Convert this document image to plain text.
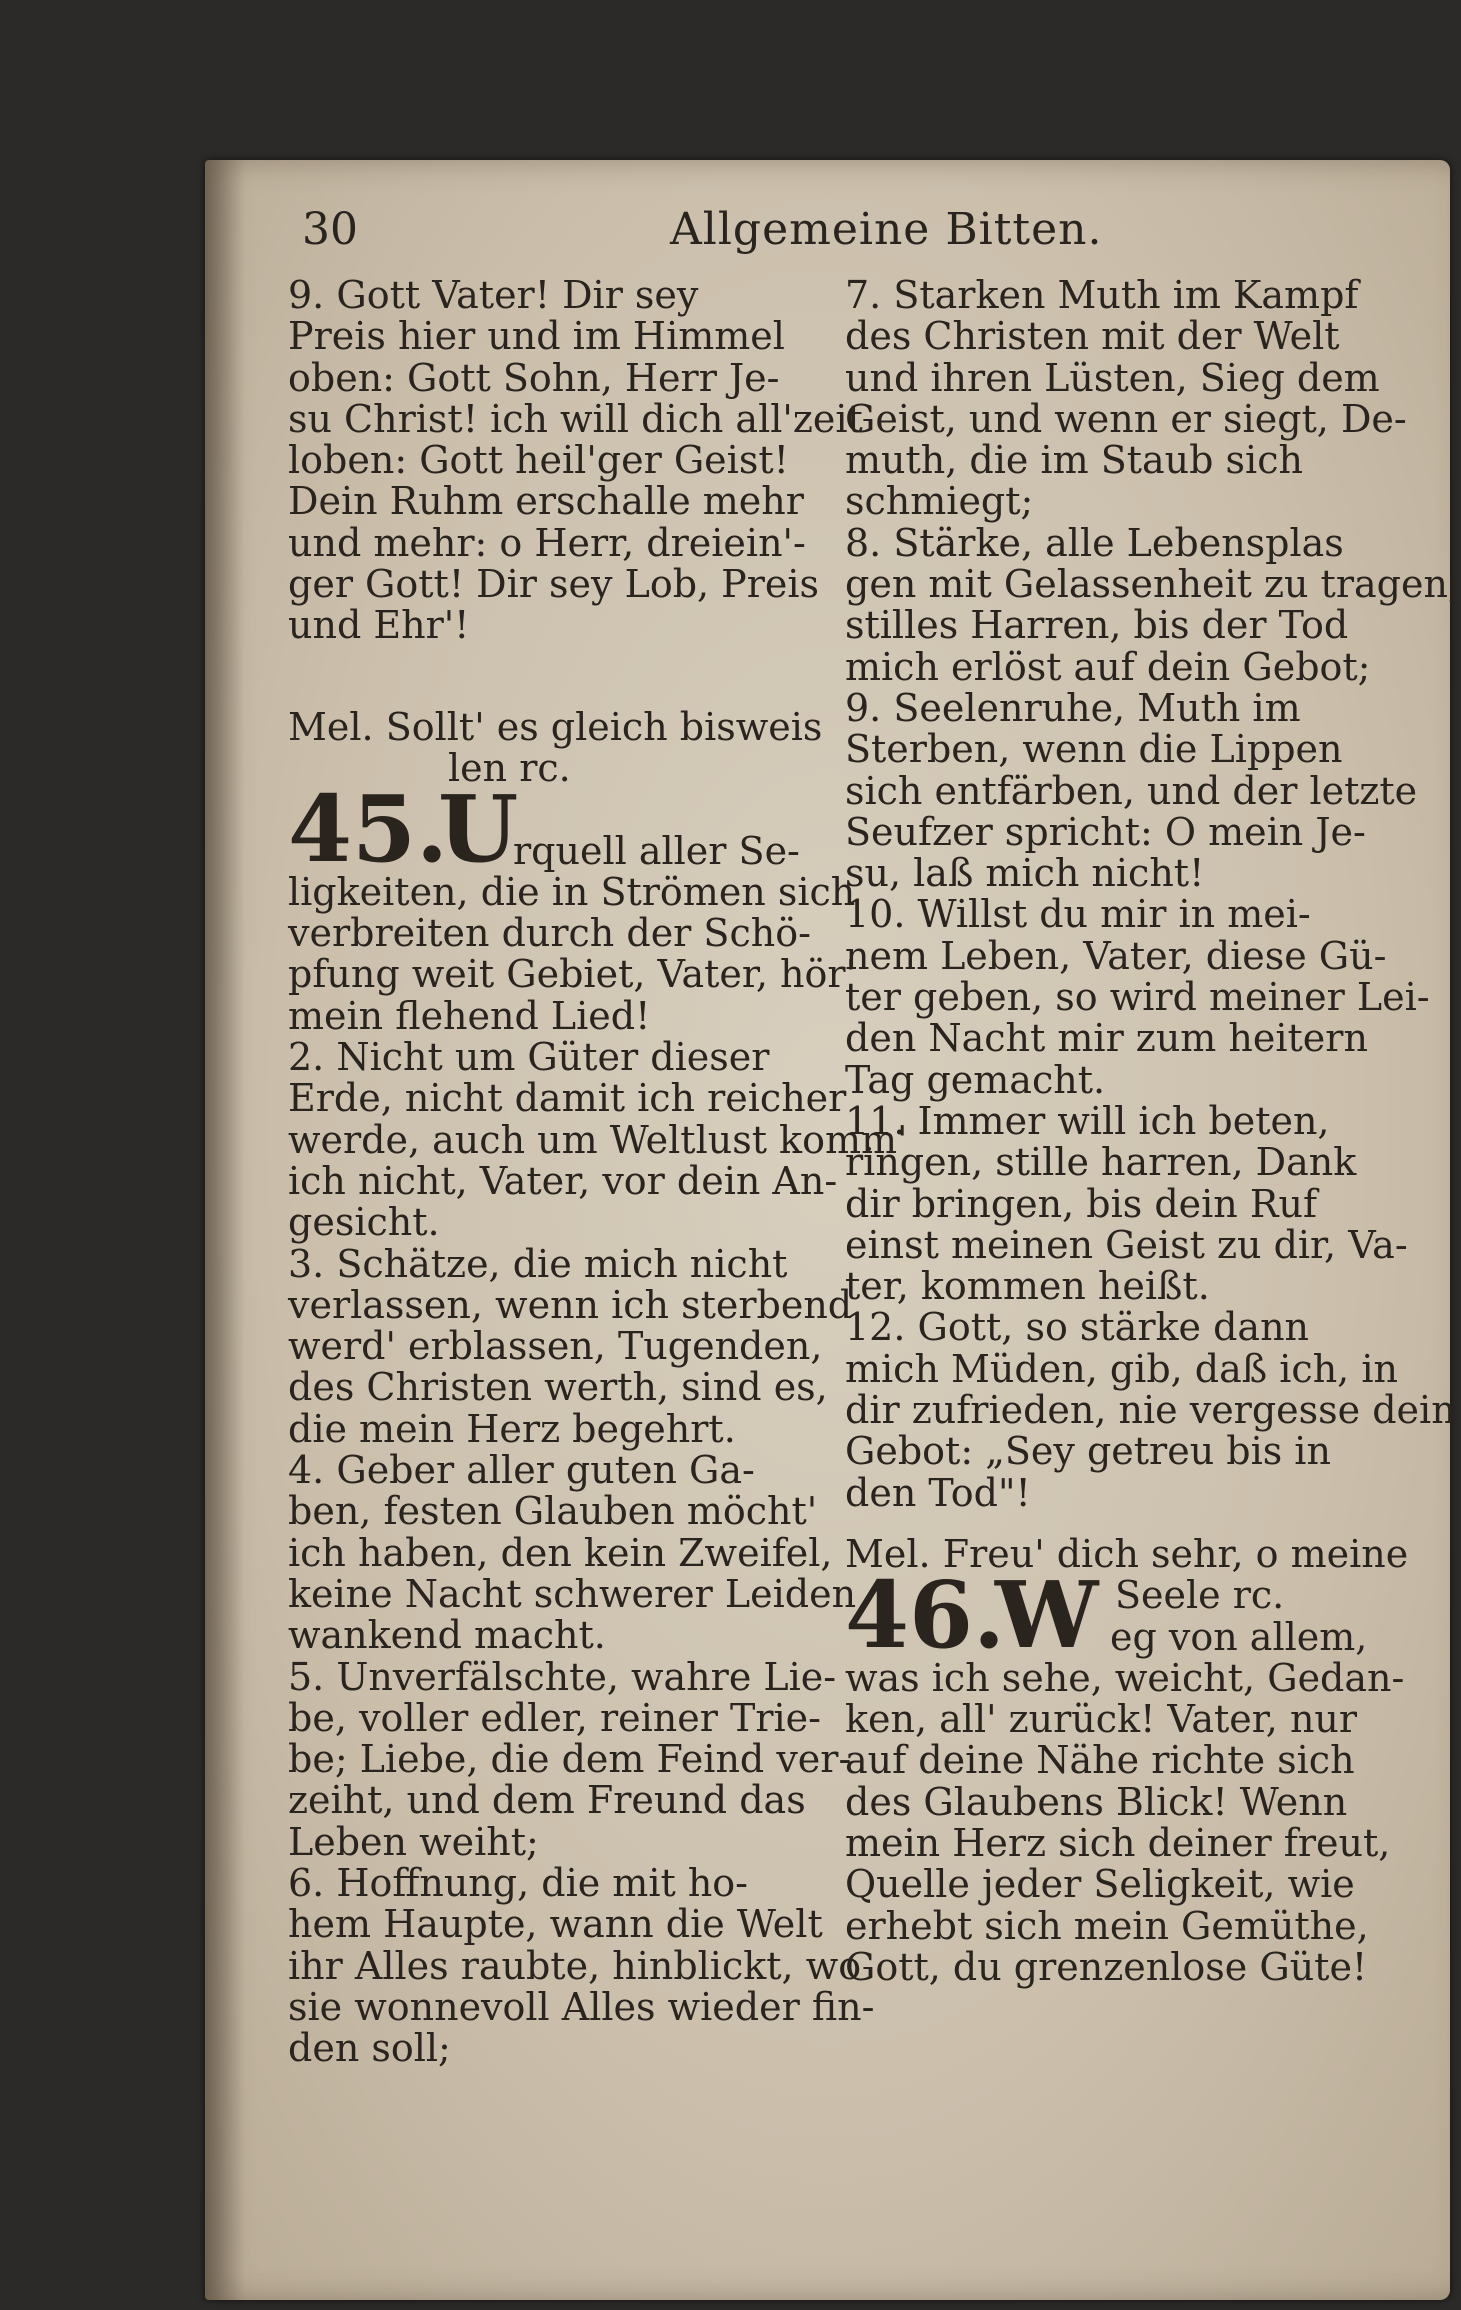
30	Allgemeine Bitten.
9. Gott Vater! Dir sey
Preis hier und im Himmel
oben: Gott Sohn, Herr Je-
su Christ! ich will dich all'zeit
loben: Gott heil'ger Geist!
Dein Ruhm erschalle mehr
und mehr: o Herr, dreiein'-
ger Gott! Dir sey Lob, Preis
und Ehr'!
Mel. Sollt' es gleich bisweis
len rc.
45.
U
rquell aller Se-
ligkeiten, die in Strömen sich
verbreiten durch der Schö-
pfung weit Gebiet, Vater, hör'
mein flehend Lied!
2. Nicht um Güter dieser
Erde, nicht damit ich reicher
werde, auch um Weltlust komm'
ich nicht, Vater, vor dein An-
gesicht.
3. Schätze, die mich nicht
verlassen, wenn ich sterbend
werd' erblassen, Tugenden,
des Christen werth, sind es,
die mein Herz begehrt.
4. Geber aller guten Ga-
ben, festen Glauben möcht'
ich haben, den kein Zweifel,
keine Nacht schwerer Leiden
wankend macht.
5. Unverfälschte, wahre Lie-
be, voller edler, reiner Trie-
be; Liebe, die dem Feind ver-
zeiht, und dem Freund das
Leben weiht;
6. Hoffnung, die mit ho-
hem Haupte, wann die Welt
ihr Alles raubte, hinblickt, wo
sie wonnevoll Alles wieder fin-
den soll;
7. Starken Muth im Kampf
des Christen mit der Welt
und ihren Lüsten, Sieg dem
Geist, und wenn er siegt, De-
muth, die im Staub sich
schmiegt;
8. Stärke, alle Lebensplas
gen mit Gelassenheit zu tragen;
stilles Harren, bis der Tod
mich erlöst auf dein Gebot;
9. Seelenruhe, Muth im
Sterben, wenn die Lippen
sich entfärben, und der letzte
Seufzer spricht: O mein Je-
su, laß mich nicht!
10. Willst du mir in mei-
nem Leben, Vater, diese Gü-
ter geben, so wird meiner Lei-
den Nacht mir zum heitern
Tag gemacht.
11. Immer will ich beten,
ringen, stille harren, Dank
dir bringen, bis dein Ruf
einst meinen Geist zu dir, Va-
ter, kommen heißt.
12. Gott, so stärke dann
mich Müden, gib, daß ich, in
dir zufrieden, nie vergesse dein
Gebot: „Sey getreu bis in
den Tod"!
Mel. Freu' dich sehr, o meine
Seele rc.
46.
W eg von allem,
was ich sehe, weicht, Gedan-
ken, all' zurück! Vater, nur
auf deine Nähe richte sich
des Glaubens Blick! Wenn
mein Herz sich deiner freut,
Quelle jeder Seligkeit, wie
erhebt sich mein Gemüthe,
Gott, du grenzenlose Güte!
